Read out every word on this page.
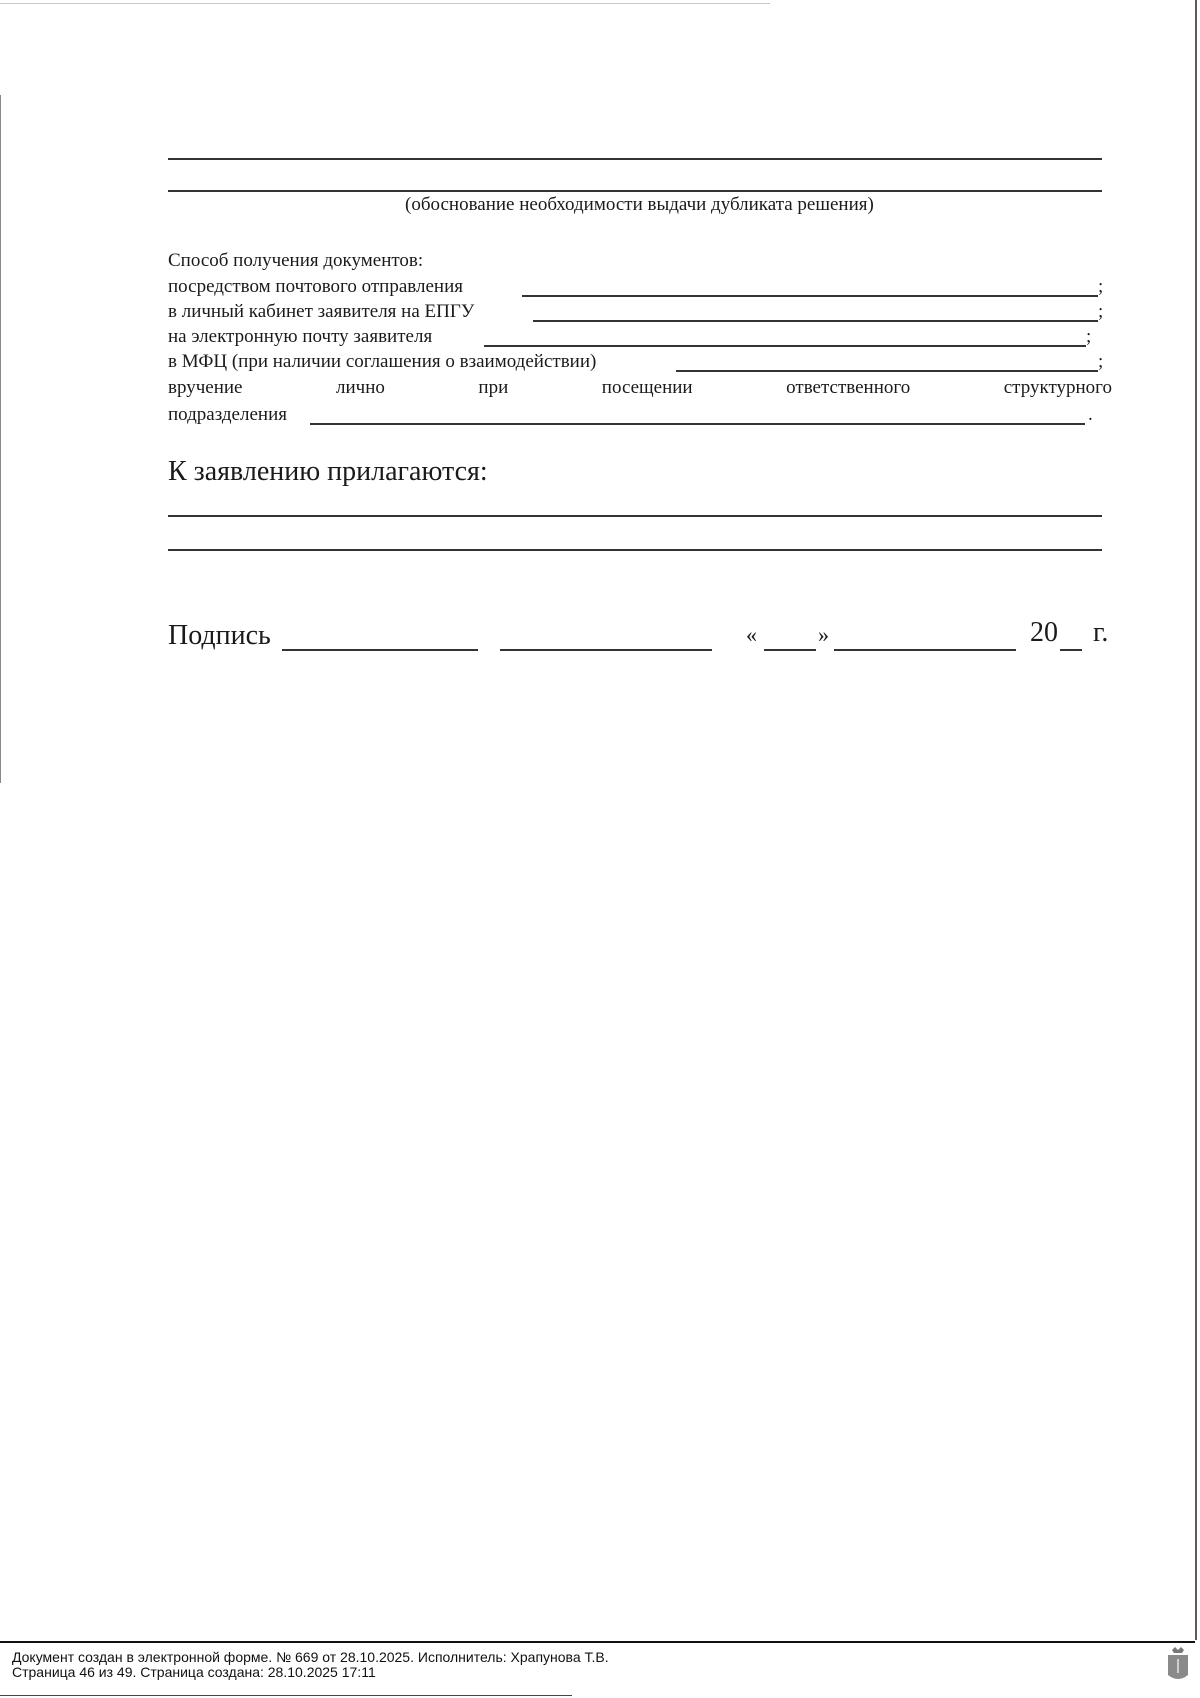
(обоснование необходимости выдачи дубликата решения)
Способ получения документов:
посредством почтового отправления	;
в личный кабинет заявителя на ЕПГУ	;
на электронную почту заявителя	;
в МФЦ (при наличии соглашения о взаимодействии)	;
вручение	лично	при	посещении	ответственного	структурного
подразделения	.
К заявлению прилагаются:
Подпись	«	»	20 г.
Документ создан в электронной форме. № 669 от 28.10.2025. Исполнитель: Храпунова Т.В.
Страница 46 из 49. Страница создана: 28.10.2025 17:11
